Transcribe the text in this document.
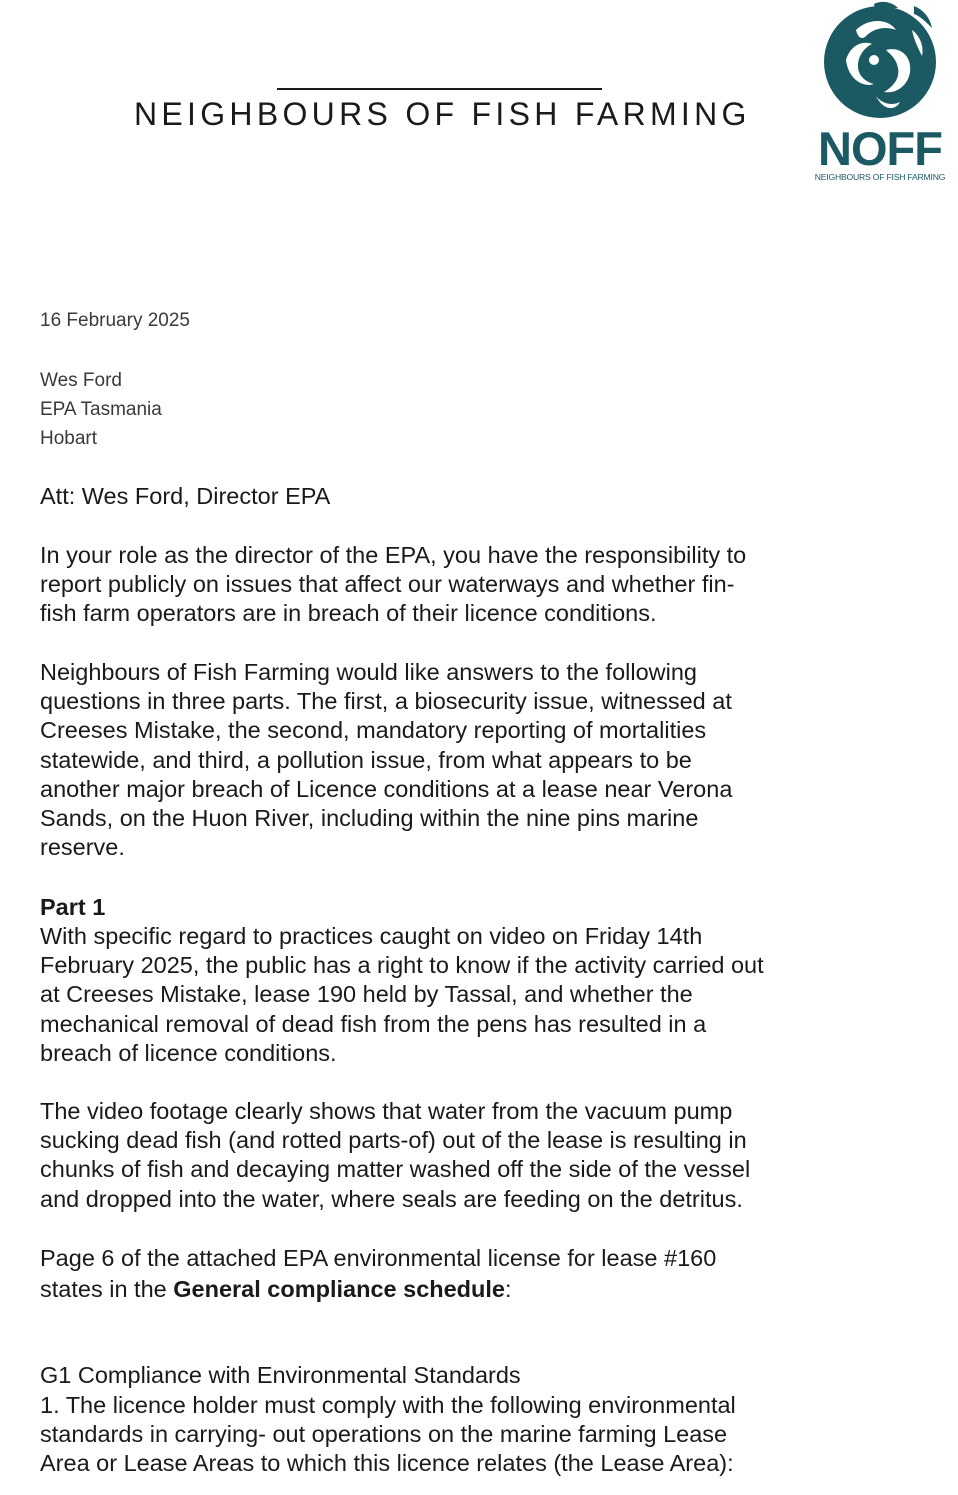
NEIGHBOURS OF FISH FARMING
NOFF
NEIGHBOURS OF FISH FARMING
16 February 2025
Wes Ford
EPA Tasmania
Hobart

Att: Wes Ford, Director EPA

In your role as the director of the EPA, you have the responsibility to
report publicly on issues that affect our waterways and whether fin-
fish farm operators are in breach of their licence conditions.

Neighbours of Fish Farming would like answers to the following
questions in three parts. The first, a biosecurity issue, witnessed at
Creeses Mistake, the second, mandatory reporting of mortalities
statewide, and third, a pollution issue, from what appears to be
another major breach of Licence conditions at a lease near Verona
Sands, on the Huon River, including within the nine pins marine
reserve.

Part 1

With specific regard to practices caught on video on Friday 14th
February 2025, the public has a right to know if the activity carried out
at Creeses Mistake, lease 190 held by Tassal, and whether the
mechanical removal of dead fish from the pens has resulted in a
breach of licence conditions.

The video footage clearly shows that water from the vacuum pump
sucking dead fish (and rotted parts-of) out of the lease is resulting in
chunks of fish and decaying matter washed off the side of the vessel
and dropped into the water, where seals are feeding on the detritus.

Page 6 of the attached EPA environmental license for lease #160
states in the General compliance schedule:

G1 Compliance with Environmental Standards

1. The licence holder must comply with the following environmental
standards in carrying- out operations on the marine farming Lease
Area or Lease Areas to which this licence relates (the Lease Area):
